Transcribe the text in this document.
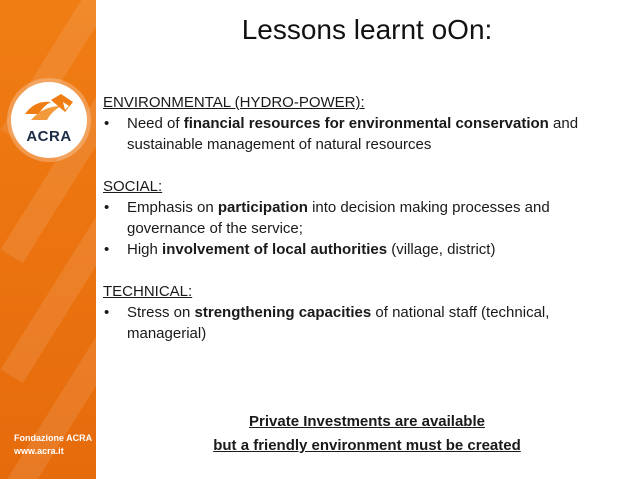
ACRA
Fondazione ACRA
www.acra.it
Lessons learnt oOn:

ENVIRONMENTAL (HYDRO-POWER):

• Need of financial resources for environmental conservation and sustainable management of natural resources

SOCIAL:

• Emphasis on participation into decision making processes and governance of the service;

• High involvement of local authorities (village, district)

TECHNICAL:

• Stress on strengthening capacities of national staff (technical, managerial)

Private Investments are available
but a friendly environment must be created
